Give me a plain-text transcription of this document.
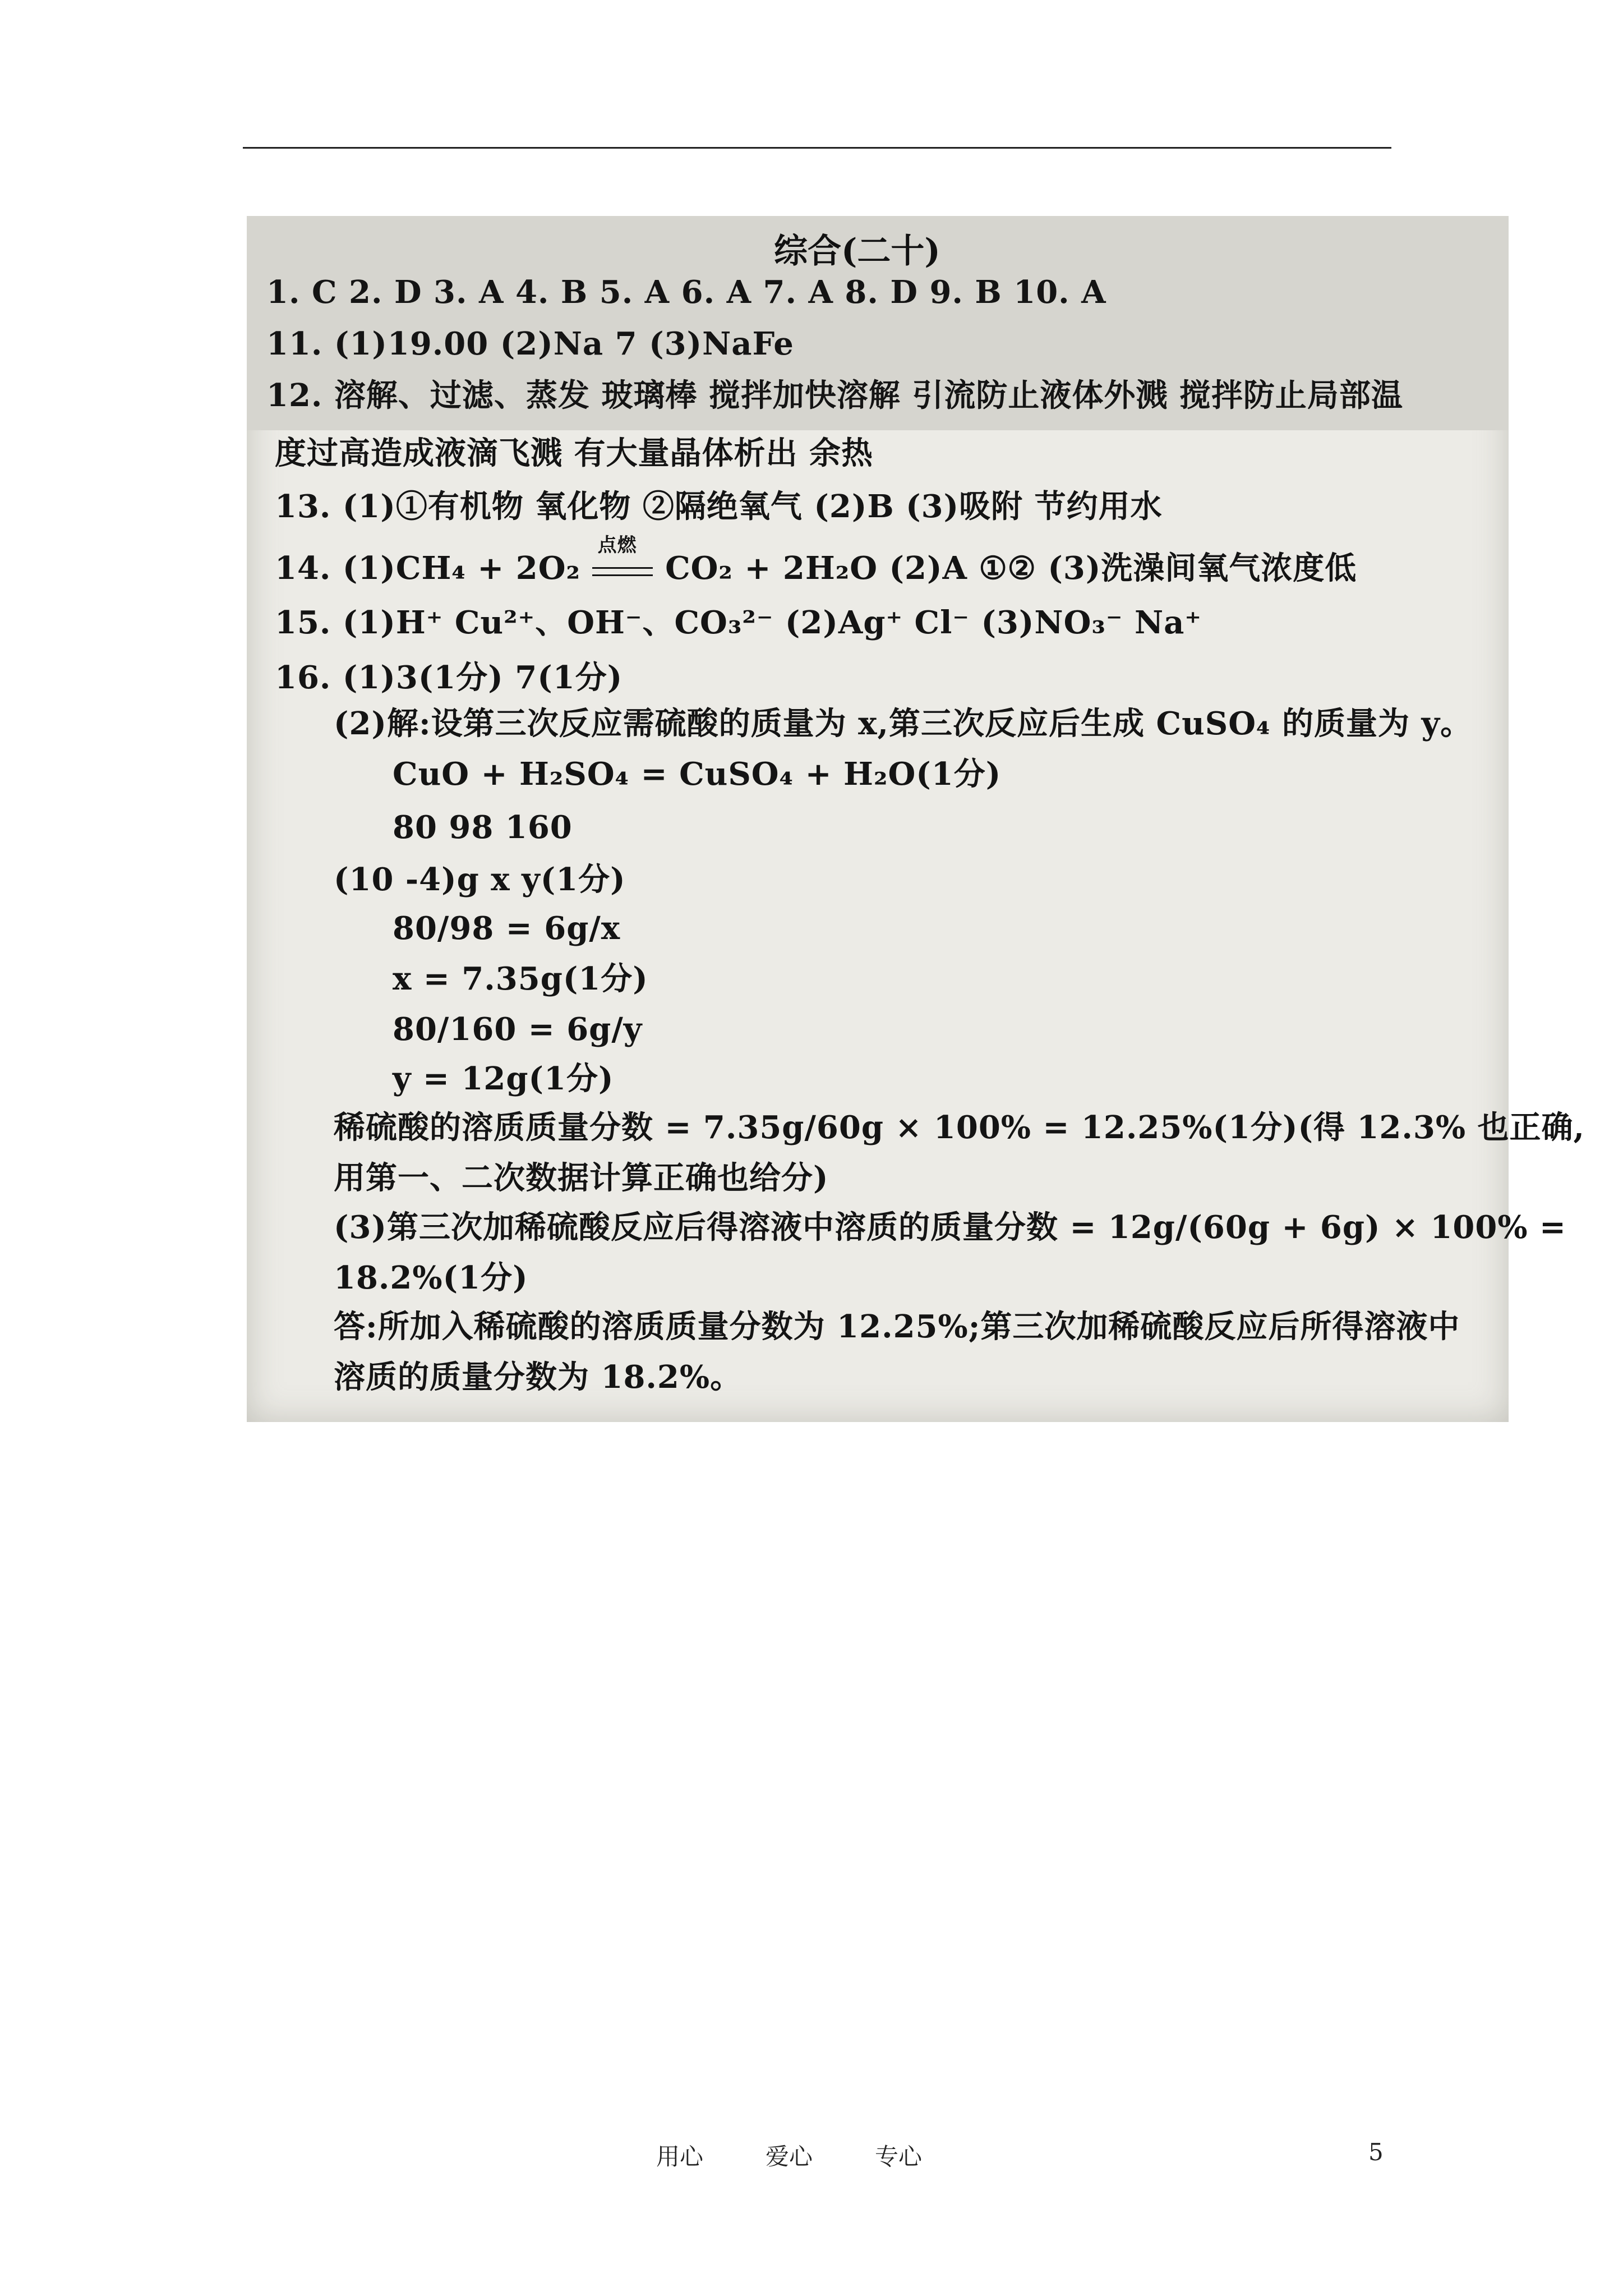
综合(二十)
1. C 2. D 3. A 4. B 5. A 6. A 7. A 8. D 9. B 10. A
11. (1)19.00 (2)Na 7 (3)NaFe
12. 溶解、过滤、蒸发 玻璃棒 搅拌加快溶解 引流防止液体外溅 搅拌防止局部温
度过高造成液滴飞溅 有大量晶体析出 余热
13. (1)①有机物 氧化物 ②隔绝氧气 (2)B (3)吸附 节约用水
14. (1)CH₄ + 2O₂
点燃
CO₂ + 2H₂O (2)A ①② (3)洗澡间氧气浓度低
15. (1)H⁺ Cu²⁺、OH⁻、CO₃²⁻ (2)Ag⁺ Cl⁻ (3)NO₃⁻ Na⁺
16. (1)3(1分) 7(1分)
(2)解:设第三次反应需硫酸的质量为 x,第三次反应后生成 CuSO₄ 的质量为 y。
CuO + H₂SO₄ = CuSO₄ + H₂O(1分)
80 98 160
(10 -4)g x y(1分)
80/98 = 6g/x
x = 7.35g(1分)
80/160 = 6g/y
y = 12g(1分)
稀硫酸的溶质质量分数 = 7.35g/60g × 100% = 12.25%(1分)(得 12.3% 也正确,
用第一、二次数据计算正确也给分)
(3)第三次加稀硫酸反应后得溶液中溶质的质量分数 = 12g/(60g + 6g) × 100% =
18.2%(1分)
答:所加入稀硫酸的溶质质量分数为 12.25%;第三次加稀硫酸反应后所得溶液中
溶质的质量分数为 18.2%。
用心	爱心	专心	5
